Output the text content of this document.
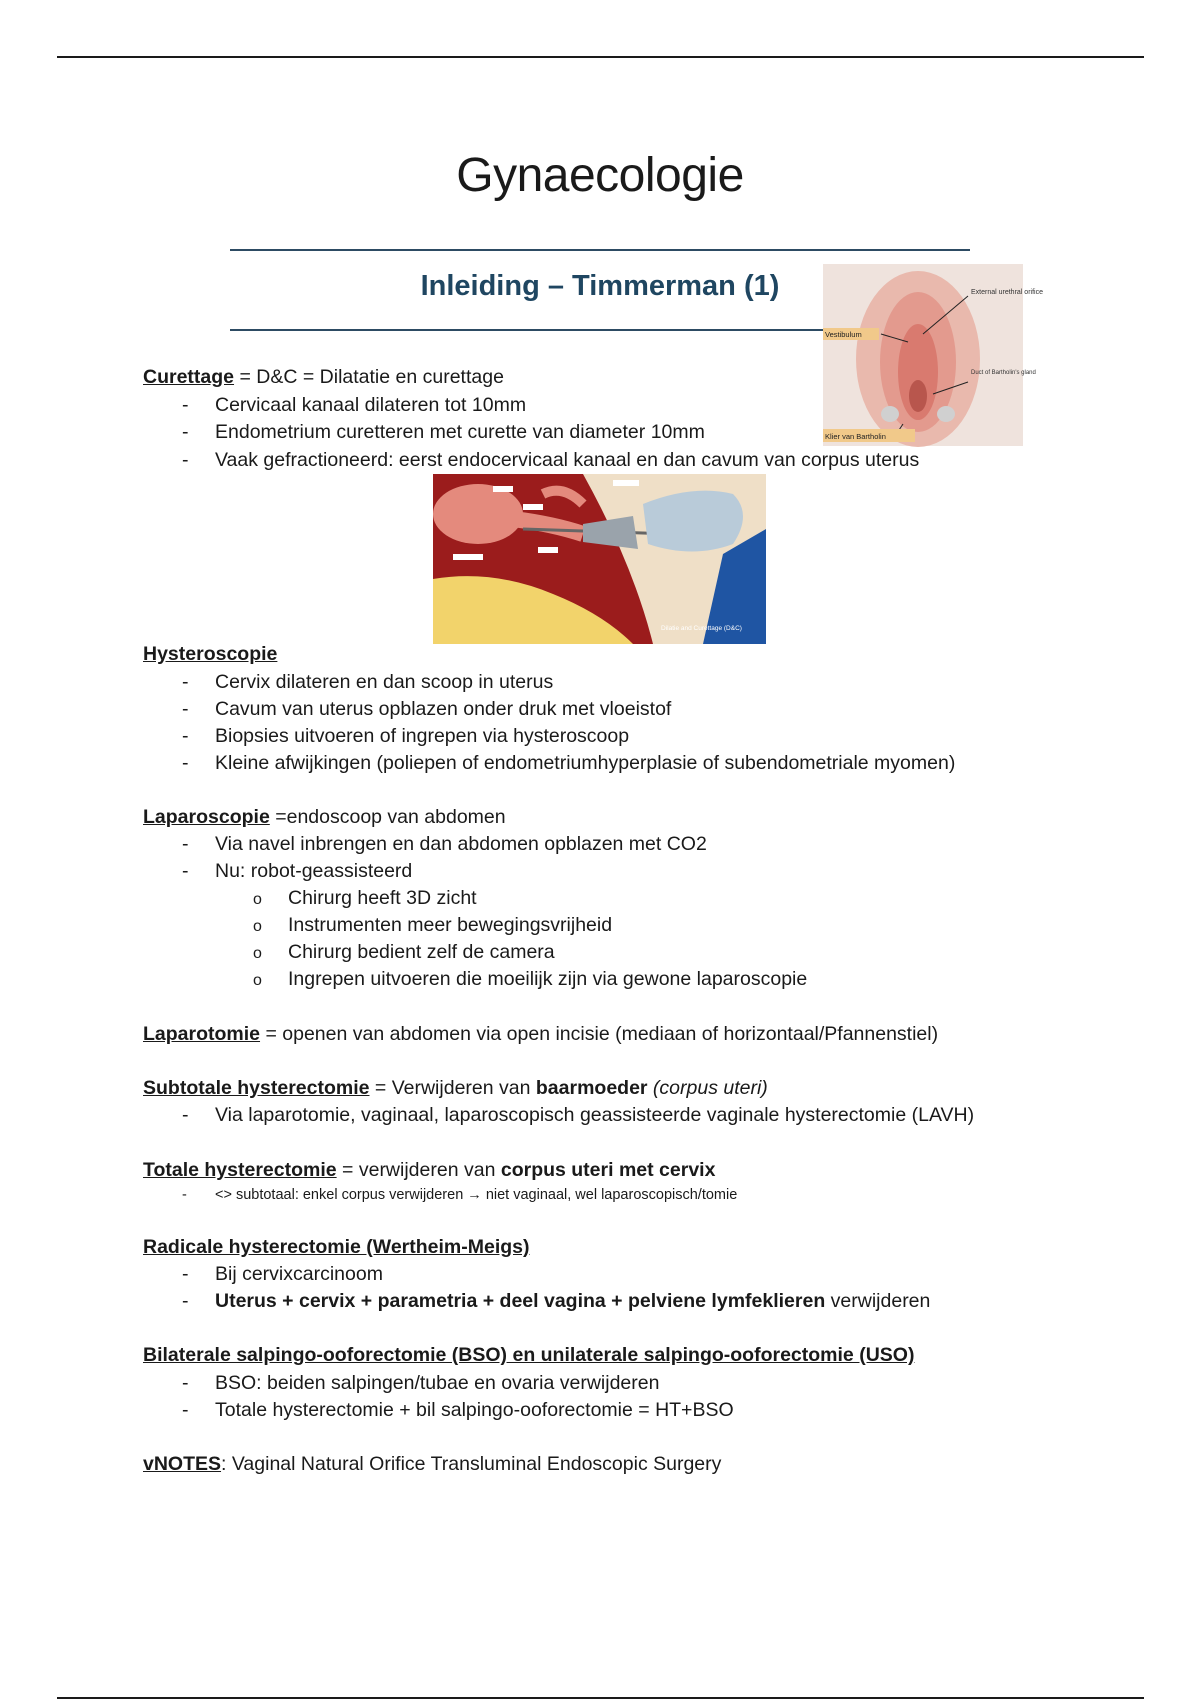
Gynaecologie
Inleiding – Timmerman (1)	External urethral orifice
Vestibulum
Duct of Bartholin's gland
Klier van Bartholin
Dilatie and Curettage (D&C)
Curettage = D&C = Dilatatie en curettage
- Cervicaal kanaal dilateren tot 10mm
- Endometrium curetteren met curette van diameter 10mm
- Vaak gefractioneerd: eerst endocervicaal kanaal en dan cavum van corpus uterus
Hysteroscopie
- Cervix dilateren en dan scoop in uterus
- Cavum van uterus opblazen onder druk met vloeistof
- Biopsies uitvoeren of ingrepen via hysteroscoop
- Kleine afwijkingen (poliepen of endometriumhyperplasie of subendometriale myomen)
Laparoscopie =endoscoop van abdomen
- Via navel inbrengen en dan abdomen opblazen met CO2
- Nu: robot-geassisteerd
o Chirurg heeft 3D zicht
o Instrumenten meer bewegingsvrijheid
o Chirurg bedient zelf de camera
o Ingrepen uitvoeren die moeilijk zijn via gewone laparoscopie
Laparotomie = openen van abdomen via open incisie (mediaan of horizontaal/Pfannenstiel)
Subtotale hysterectomie = Verwijderen van baarmoeder (corpus uteri)
- Via laparotomie, vaginaal, laparoscopisch geassisteerde vaginale hysterectomie (LAVH)
Totale hysterectomie = verwijderen van corpus uteri met cervix
- <> subtotaal: enkel corpus verwijderen → niet vaginaal, wel laparoscopisch/tomie
Radicale hysterectomie (Wertheim-Meigs)
- Bij cervixcarcinoom
- Uterus + cervix + parametria + deel vagina + pelviene lymfeklieren verwijderen
Bilaterale salpingo-ooforectomie (BSO) en unilaterale salpingo-ooforectomie (USO)
- BSO: beiden salpingen/tubae en ovaria verwijderen
- Totale hysterectomie + bil salpingo-ooforectomie = HT+BSO
vNOTES: Vaginal Natural Orifice Transluminal Endoscopic Surgery
